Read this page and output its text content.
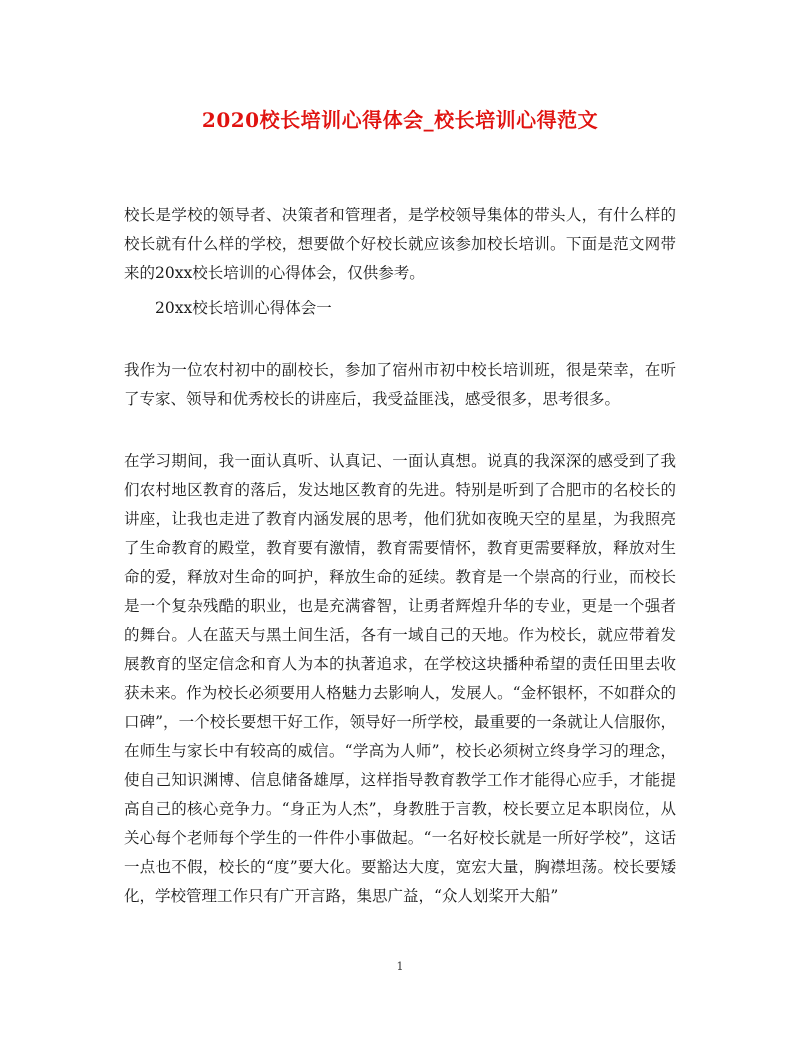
2020校长培训心得体会_校长培训心得范文

校长是学校的领导者、决策者和管理者，是学校领导集体的带头人，有什么样的校长就有什么样的学校，想要做个好校长就应该参加校长培训。下面是范文网带来的20xx校长培训的心得体会，仅供参考。

20xx校长培训心得体会一

我作为一位农村初中的副校长，参加了宿州市初中校长培训班，很是荣幸，在听了专家、领导和优秀校长的讲座后，我受益匪浅，感受很多，思考很多。

在学习期间，我一面认真听、认真记、一面认真想。说真的我深深的感受到了我们农村地区教育的落后，发达地区教育的先进。特别是听到了合肥市的名校长的讲座，让我也走进了教育内涵发展的思考，他们犹如夜晚天空的星星，为我照亮了生命教育的殿堂，教育要有激情，教育需要情怀，教育更需要释放，释放对生命的爱，释放对生命的呵护，释放生命的延续。教育是一个崇高的行业，而校长是一个复杂残酷的职业，也是充满睿智，让勇者辉煌升华的专业，更是一个强者的舞台。人在蓝天与黑土间生活，各有一域自己的天地。作为校长，就应带着发展教育的坚定信念和育人为本的执著追求，在学校这块播种希望的责任田里去收获未来。作为校长必须要用人格魅力去影响人，发展人。“金杯银杯，不如群众的口碑”，一个校长要想干好工作，领导好一所学校，最重要的一条就让人信服你，在师生与家长中有较高的威信。“学高为人师”，校长必须树立终身学习的理念，使自己知识渊博、信息储备雄厚，这样指导教育教学工作才能得心应手，才能提高自己的核心竞争力。“身正为人杰”，身教胜于言教，校长要立足本职岗位，从关心每个老师每个学生的一件件小事做起。“一名好校长就是一所好学校”，这话一点也不假，校长的“度”要大化。要豁达大度，宽宏大量，胸襟坦荡。校长要矮化，学校管理工作只有广开言路，集思广益，“众人划桨开大船”

1
